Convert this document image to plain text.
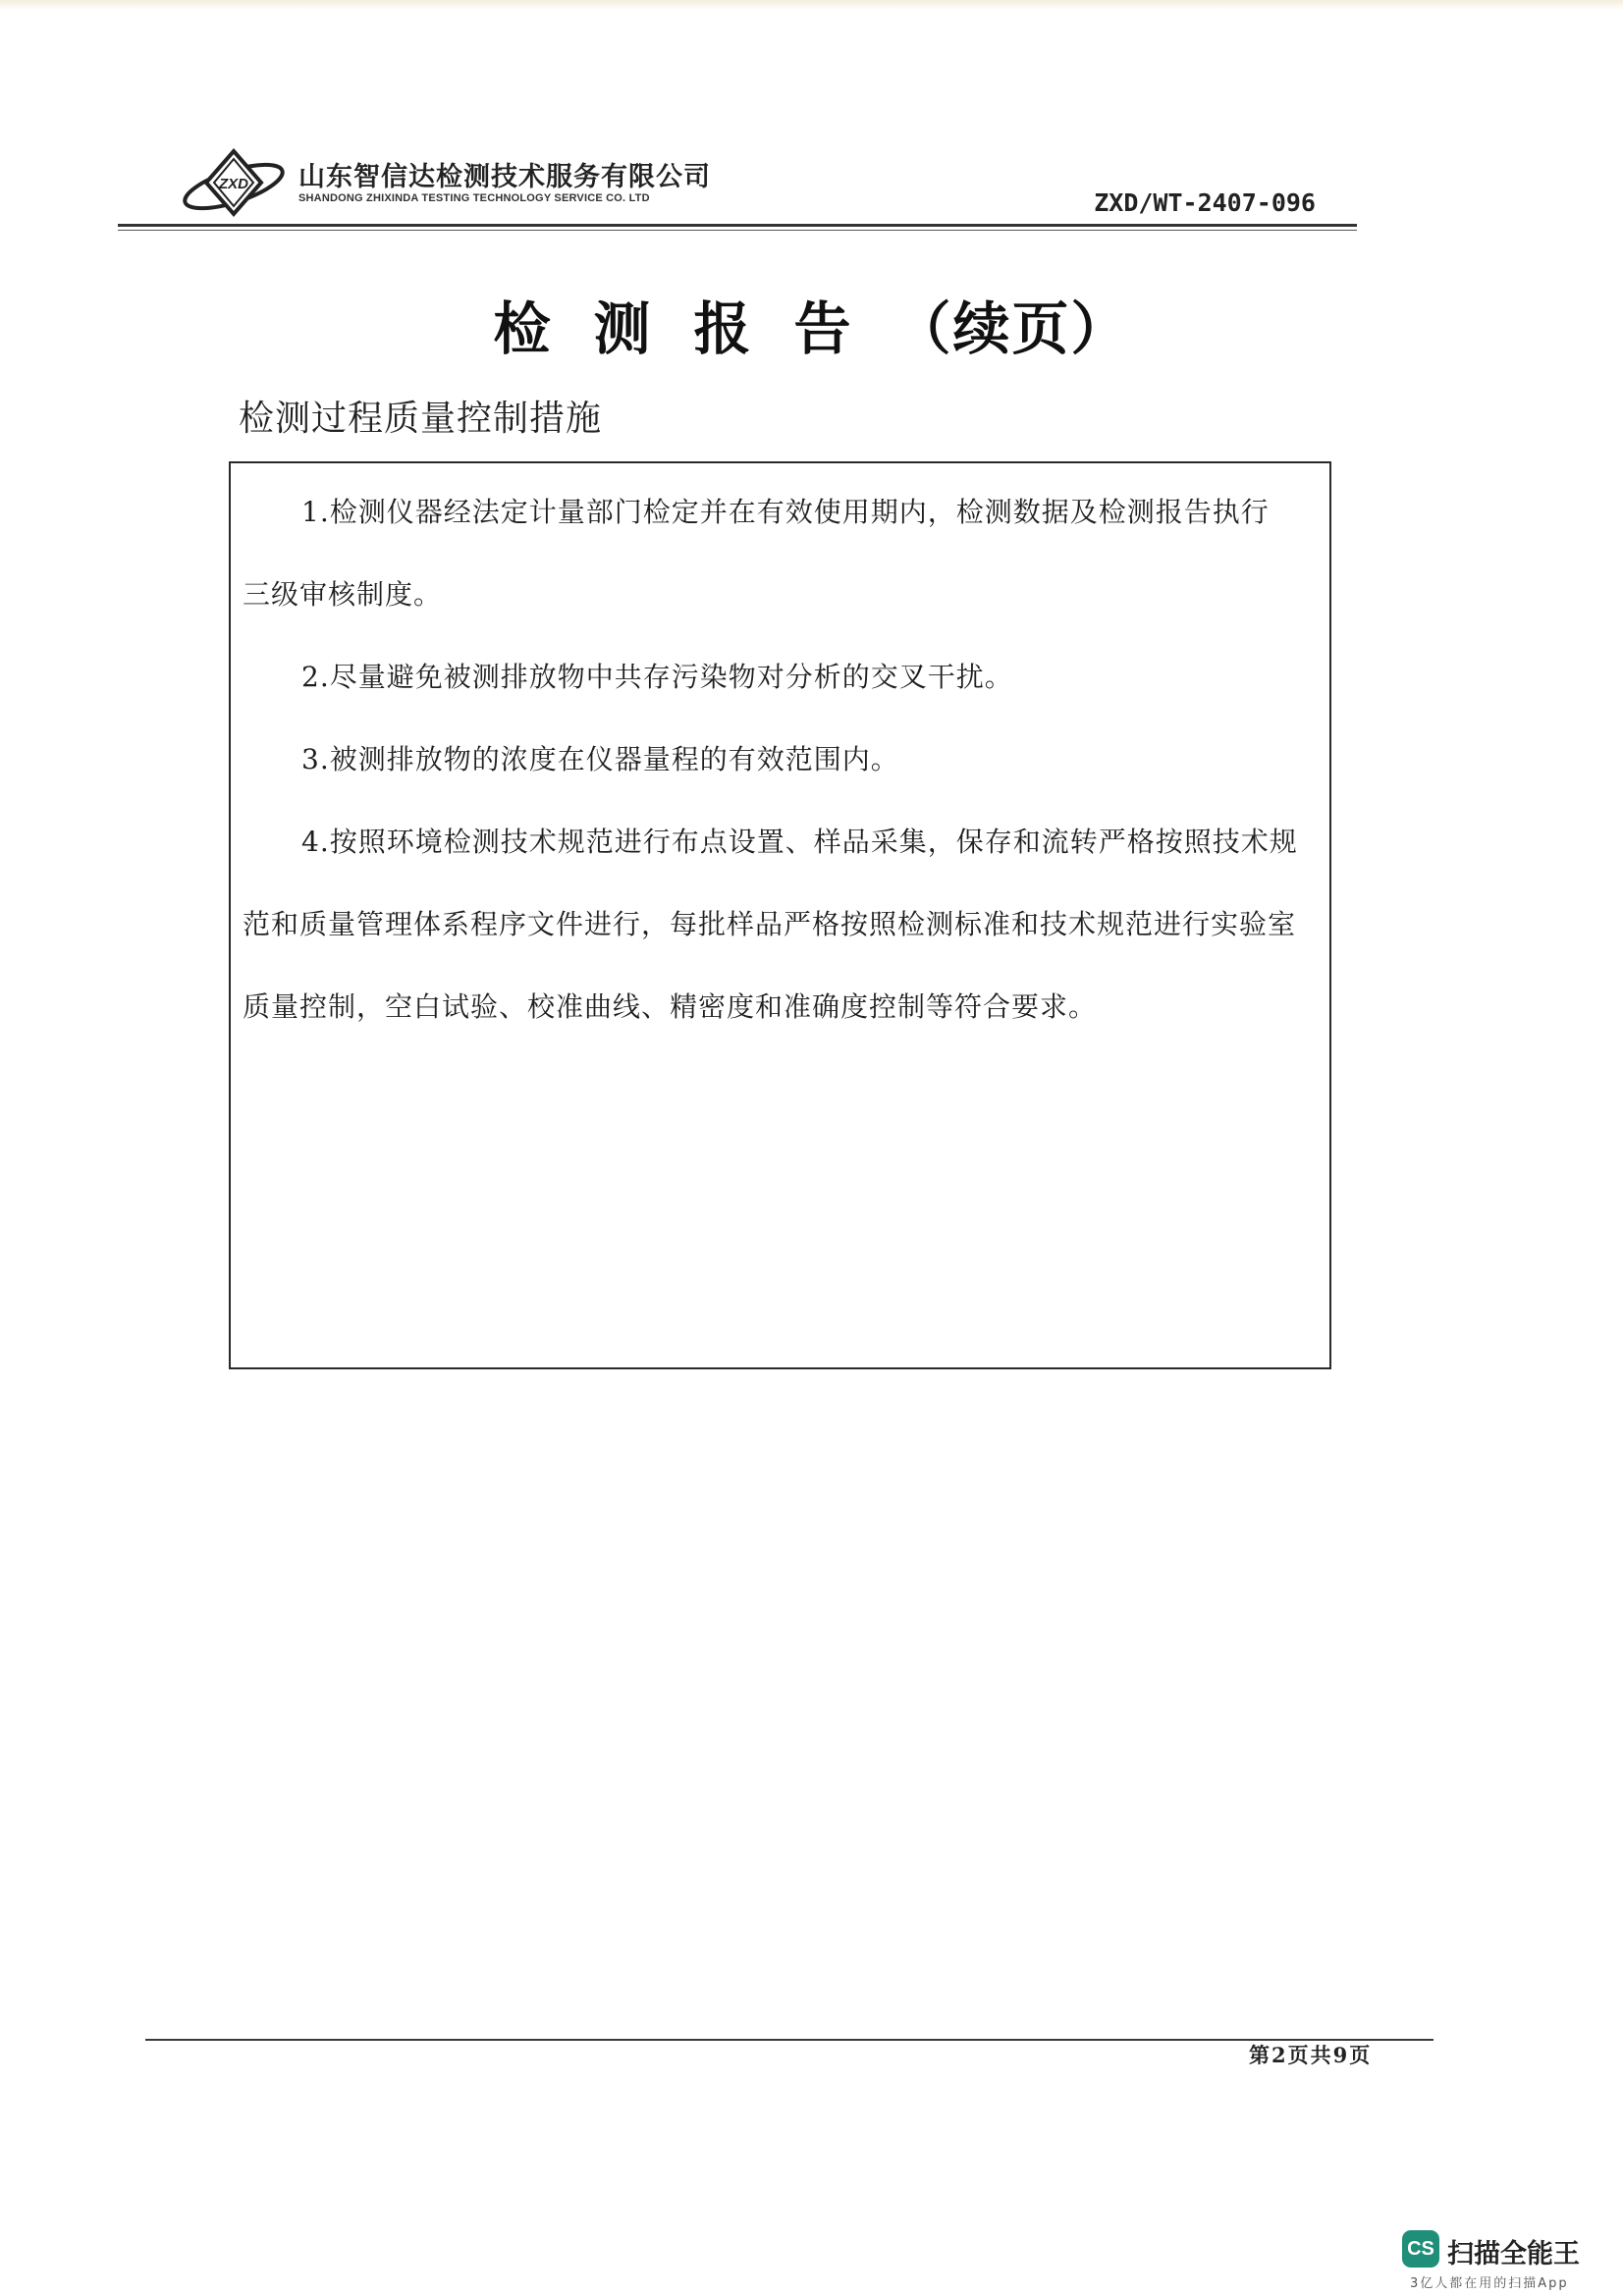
ZXD 山东智信达检测技术服务有限公司
SHANDONG ZHIXINDA TESTING TECHNOLOGY SERVICE CO. LTD	ZXD/WT-2407-096
检测报告（续页）
检测过程质量控制措施
1.检测仪器经法定计量部门检定并在有效使用期内，检测数据及检测报告执行
三级审核制度。
2.尽量避免被测排放物中共存污染物对分析的交叉干扰。
3.被测排放物的浓度在仪器量程的有效范围内。
4.按照环境检测技术规范进行布点设置、样品采集，保存和流转严格按照技术规
范和质量管理体系程序文件进行，每批样品严格按照检测标准和技术规范进行实验室
质量控制，空白试验、校准曲线、精密度和准确度控制等符合要求。
第2页共9页
CS 扫描全能王
3亿人都在用的扫描App
